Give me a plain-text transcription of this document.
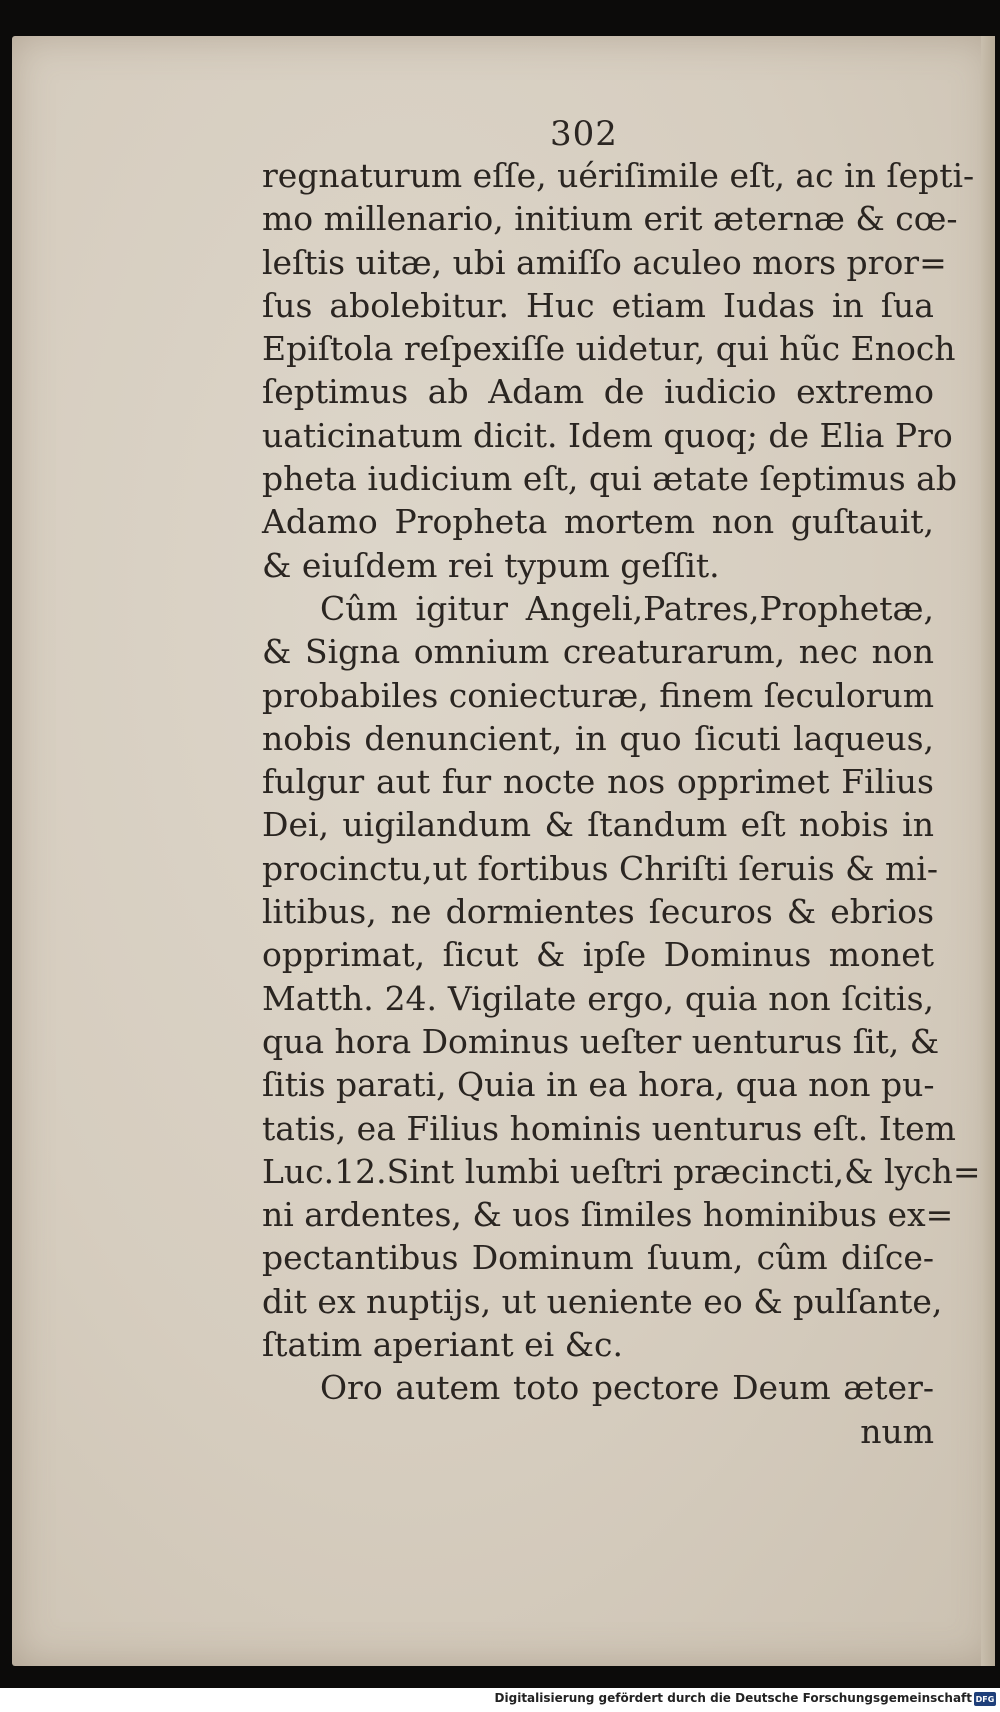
302
regnaturum eſſe, uériſimile eſt, ac in ſepti-
mo millenario, initium erit æternæ & cœ-
leſtis uitæ, ubi amiſſo aculeo mors pror=
ſus abolebitur. Huc etiam Iudas in ſua
Epiſtola reſpexiſſe uidetur, qui hũc Enoch
ſeptimus ab Adam de iudicio extremo
uaticinatum dicit. Idem quoq; de Elia Pro
pheta iudicium eſt, qui ætate ſeptimus ab
Adamo Propheta mortem non guſtauit,
& eiuſdem rei typum geſſit.
Cûm igitur Angeli,Patres,Prophetæ,
& Signa omnium creaturarum, nec non
probabiles coniecturæ, finem ſeculorum
nobis denuncient, in quo ſicuti laqueus,
fulgur aut fur nocte nos opprimet Filius
Dei, uigilandum & ſtandum eſt nobis in
procinctu,ut fortibus Chriſti ſeruis & mi-
litibus, ne dormientes ſecuros & ebrios
opprimat, ſicut & ipſe Dominus monet
Matth. 24. Vigilate ergo, quia non ſcitis,
qua hora Dominus ueſter uenturus ſit, &
ſitis parati, Quia in ea hora, qua non pu-
tatis, ea Filius hominis uenturus eſt. Item
Luc.12.Sint lumbi ueſtri præcincti,& lych=
ni ardentes, & uos ſimiles hominibus ex=
pectantibus Dominum ſuum, cûm diſce-
dit ex nuptijs, ut ueniente eo & pulſante,
ſtatim aperiant ei &c.
Oro autem toto pectore Deum æter-
num
Digitalisierung gefördert durch die Deutsche Forschungsgemeinschaft DFG
